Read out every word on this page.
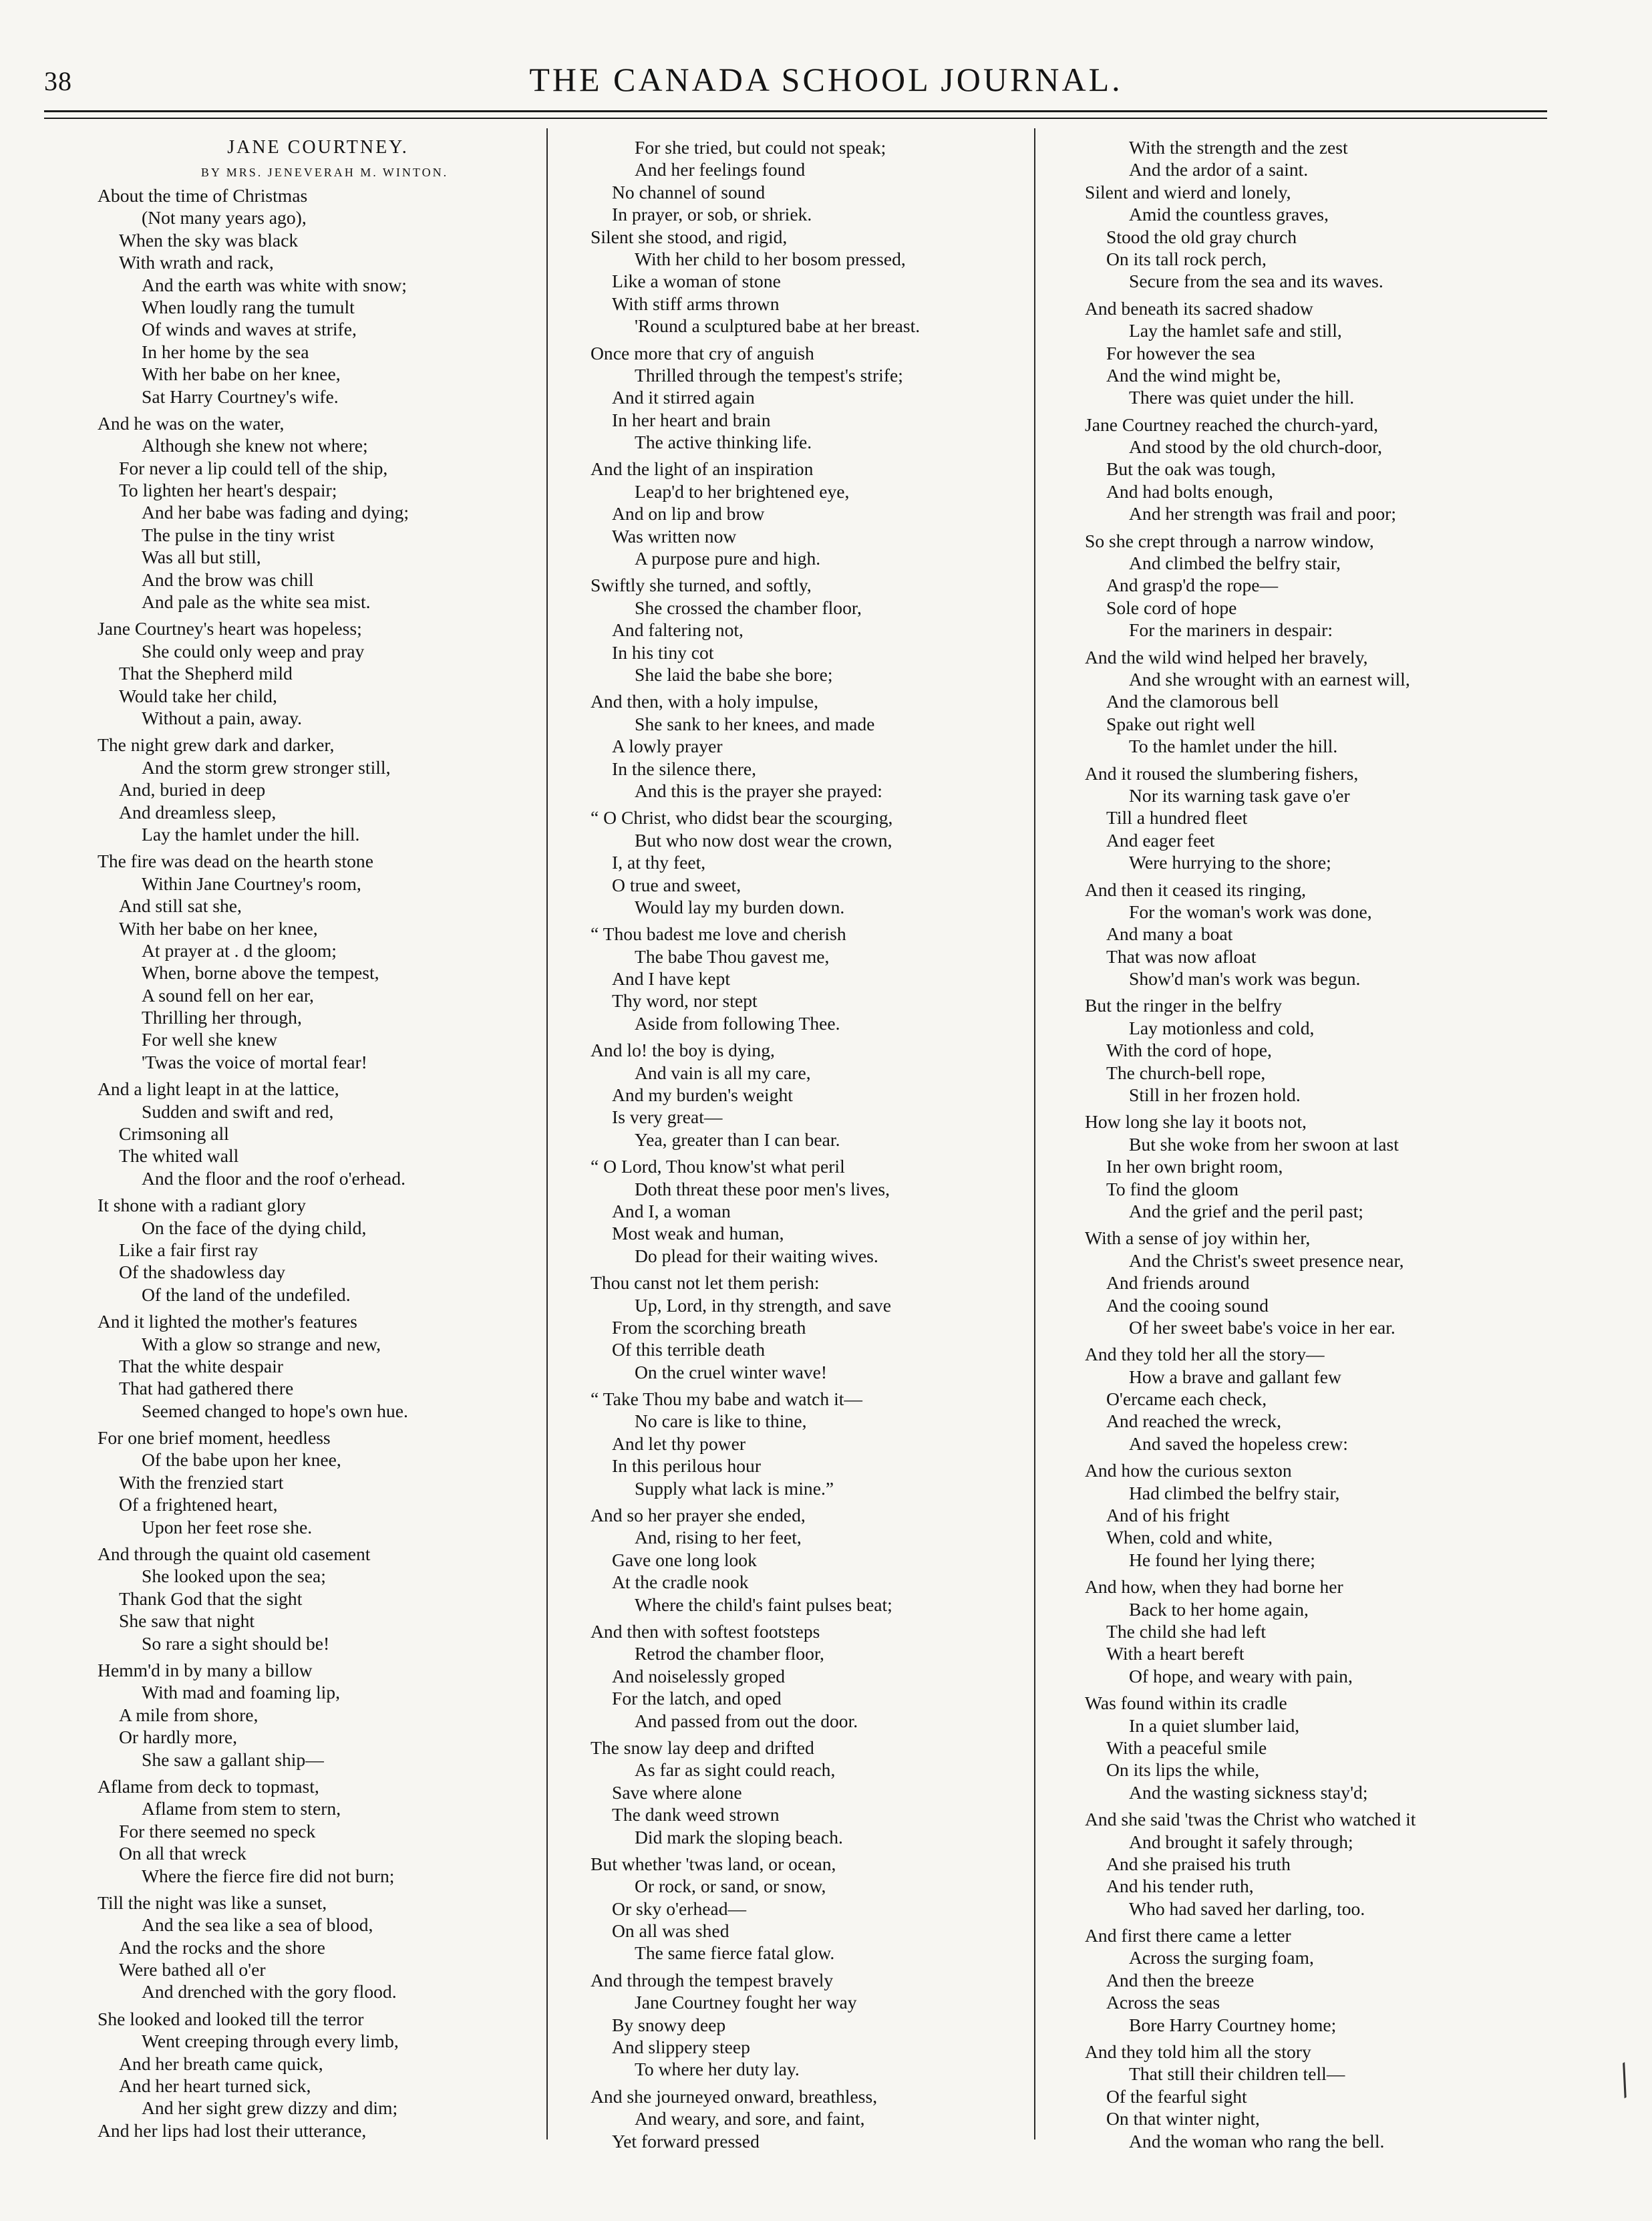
38	THE CANADA SCHOOL JOURNAL.
JANE COURTNEY.
BY MRS. JENEVERAH M. WINTON.
About the time of Christmas
(Not many years ago),
When the sky was black
With wrath and rack,
And the earth was white with snow;
When loudly rang the tumult
Of winds and waves at strife,
In her home by the sea
With her babe on her knee,
Sat Harry Courtney's wife.
And he was on the water,
Although she knew not where;
For never a lip could tell of the ship,
To lighten her heart's despair;
And her babe was fading and dying;
The pulse in the tiny wrist
Was all but still,
And the brow was chill
And pale as the white sea mist.
Jane Courtney's heart was hopeless;
She could only weep and pray
That the Shepherd mild
Would take her child,
Without a pain, away.
The night grew dark and darker,
And the storm grew stronger still,
And, buried in deep
And dreamless sleep,
Lay the hamlet under the hill.
The fire was dead on the hearth stone
Within Jane Courtney's room,
And still sat she,
With her babe on her knee,
At prayer at . d the gloom;
When, borne above the tempest,
A sound fell on her ear,
Thrilling her through,
For well she knew
'Twas the voice of mortal fear!
And a light leapt in at the lattice,
Sudden and swift and red,
Crimsoning all
The whited wall
And the floor and the roof o'erhead.
It shone with a radiant glory
On the face of the dying child,
Like a fair first ray
Of the shadowless day
Of the land of the undefiled.
And it lighted the mother's features
With a glow so strange and new,
That the white despair
That had gathered there
Seemed changed to hope's own hue.
For one brief moment, heedless
Of the babe upon her knee,
With the frenzied start
Of a frightened heart,
Upon her feet rose she.
And through the quaint old casement
She looked upon the sea;
Thank God that the sight
She saw that night
So rare a sight should be!
Hemm'd in by many a billow
With mad and foaming lip,
A mile from shore,
Or hardly more,
She saw a gallant ship—
Aflame from deck to topmast,
Aflame from stem to stern,
For there seemed no speck
On all that wreck
Where the fierce fire did not burn;
Till the night was like a sunset,
And the sea like a sea of blood,
And the rocks and the shore
Were bathed all o'er
And drenched with the gory flood.
She looked and looked till the terror
Went creeping through every limb,
And her breath came quick,
And her heart turned sick,
And her sight grew dizzy and dim;
And her lips had lost their utterance,
For she tried, but could not speak;
And her feelings found
No channel of sound
In prayer, or sob, or shriek.
Silent she stood, and rigid,
With her child to her bosom pressed,
Like a woman of stone
With stiff arms thrown
'Round a sculptured babe at her breast.
Once more that cry of anguish
Thrilled through the tempest's strife;
And it stirred again
In her heart and brain
The active thinking life.
And the light of an inspiration
Leap'd to her brightened eye,
And on lip and brow
Was written now
A purpose pure and high.
Swiftly she turned, and softly,
She crossed the chamber floor,
And faltering not,
In his tiny cot
She laid the babe she bore;
And then, with a holy impulse,
She sank to her knees, and made
A lowly prayer
In the silence there,
And this is the prayer she prayed:
“ O Christ, who didst bear the scourging,
But who now dost wear the crown,
I, at thy feet,
O true and sweet,
Would lay my burden down.
“ Thou badest me love and cherish
The babe Thou gavest me,
And I have kept
Thy word, nor stept
Aside from following Thee.
And lo! the boy is dying,
And vain is all my care,
And my burden's weight
Is very great—
Yea, greater than I can bear.
“ O Lord, Thou know'st what peril
Doth threat these poor men's lives,
And I, a woman
Most weak and human,
Do plead for their waiting wives.
Thou canst not let them perish:
Up, Lord, in thy strength, and save
From the scorching breath
Of this terrible death
On the cruel winter wave!
“ Take Thou my babe and watch it—
No care is like to thine,
And let thy power
In this perilous hour
Supply what lack is mine.”
And so her prayer she ended,
And, rising to her feet,
Gave one long look
At the cradle nook
Where the child's faint pulses beat;
And then with softest footsteps
Retrod the chamber floor,
And noiselessly groped
For the latch, and oped
And passed from out the door.
The snow lay deep and drifted
As far as sight could reach,
Save where alone
The dank weed strown
Did mark the sloping beach.
But whether 'twas land, or ocean,
Or rock, or sand, or snow,
Or sky o'erhead—
On all was shed
The same fierce fatal glow.
And through the tempest bravely
Jane Courtney fought her way
By snowy deep
And slippery steep
To where her duty lay.
And she journeyed onward, breathless,
And weary, and sore, and faint,
Yet forward pressed
With the strength and the zest
And the ardor of a saint.
Silent and wierd and lonely,
Amid the countless graves,
Stood the old gray church
On its tall rock perch,
Secure from the sea and its waves.
And beneath its sacred shadow
Lay the hamlet safe and still,
For however the sea
And the wind might be,
There was quiet under the hill.
Jane Courtney reached the church-yard,
And stood by the old church-door,
But the oak was tough,
And had bolts enough,
And her strength was frail and poor;
So she crept through a narrow window,
And climbed the belfry stair,
And grasp'd the rope—
Sole cord of hope
For the mariners in despair:
And the wild wind helped her bravely,
And she wrought with an earnest will,
And the clamorous bell
Spake out right well
To the hamlet under the hill.
And it roused the slumbering fishers,
Nor its warning task gave o'er
Till a hundred fleet
And eager feet
Were hurrying to the shore;
And then it ceased its ringing,
For the woman's work was done,
And many a boat
That was now afloat
Show'd man's work was begun.
But the ringer in the belfry
Lay motionless and cold,
With the cord of hope,
The church-bell rope,
Still in her frozen hold.
How long she lay it boots not,
But she woke from her swoon at last
In her own bright room,
To find the gloom
And the grief and the peril past;
With a sense of joy within her,
And the Christ's sweet presence near,
And friends around
And the cooing sound
Of her sweet babe's voice in her ear.
And they told her all the story—
How a brave and gallant few
O'ercame each check,
And reached the wreck,
And saved the hopeless crew:
And how the curious sexton
Had climbed the belfry stair,
And of his fright
When, cold and white,
He found her lying there;
And how, when they had borne her
Back to her home again,
The child she had left
With a heart bereft
Of hope, and weary with pain,
Was found within its cradle
In a quiet slumber laid,
With a peaceful smile
On its lips the while,
And the wasting sickness stay'd;
And she said 'twas the Christ who watched it
And brought it safely through;
And she praised his truth
And his tender ruth,
Who had saved her darling, too.
And first there came a letter
Across the surging foam,
And then the breeze
Across the seas
Bore Harry Courtney home;
And they told him all the story
That still their children tell—
Of the fearful sight
On that winter night,
And the woman who rang the bell.
╱
